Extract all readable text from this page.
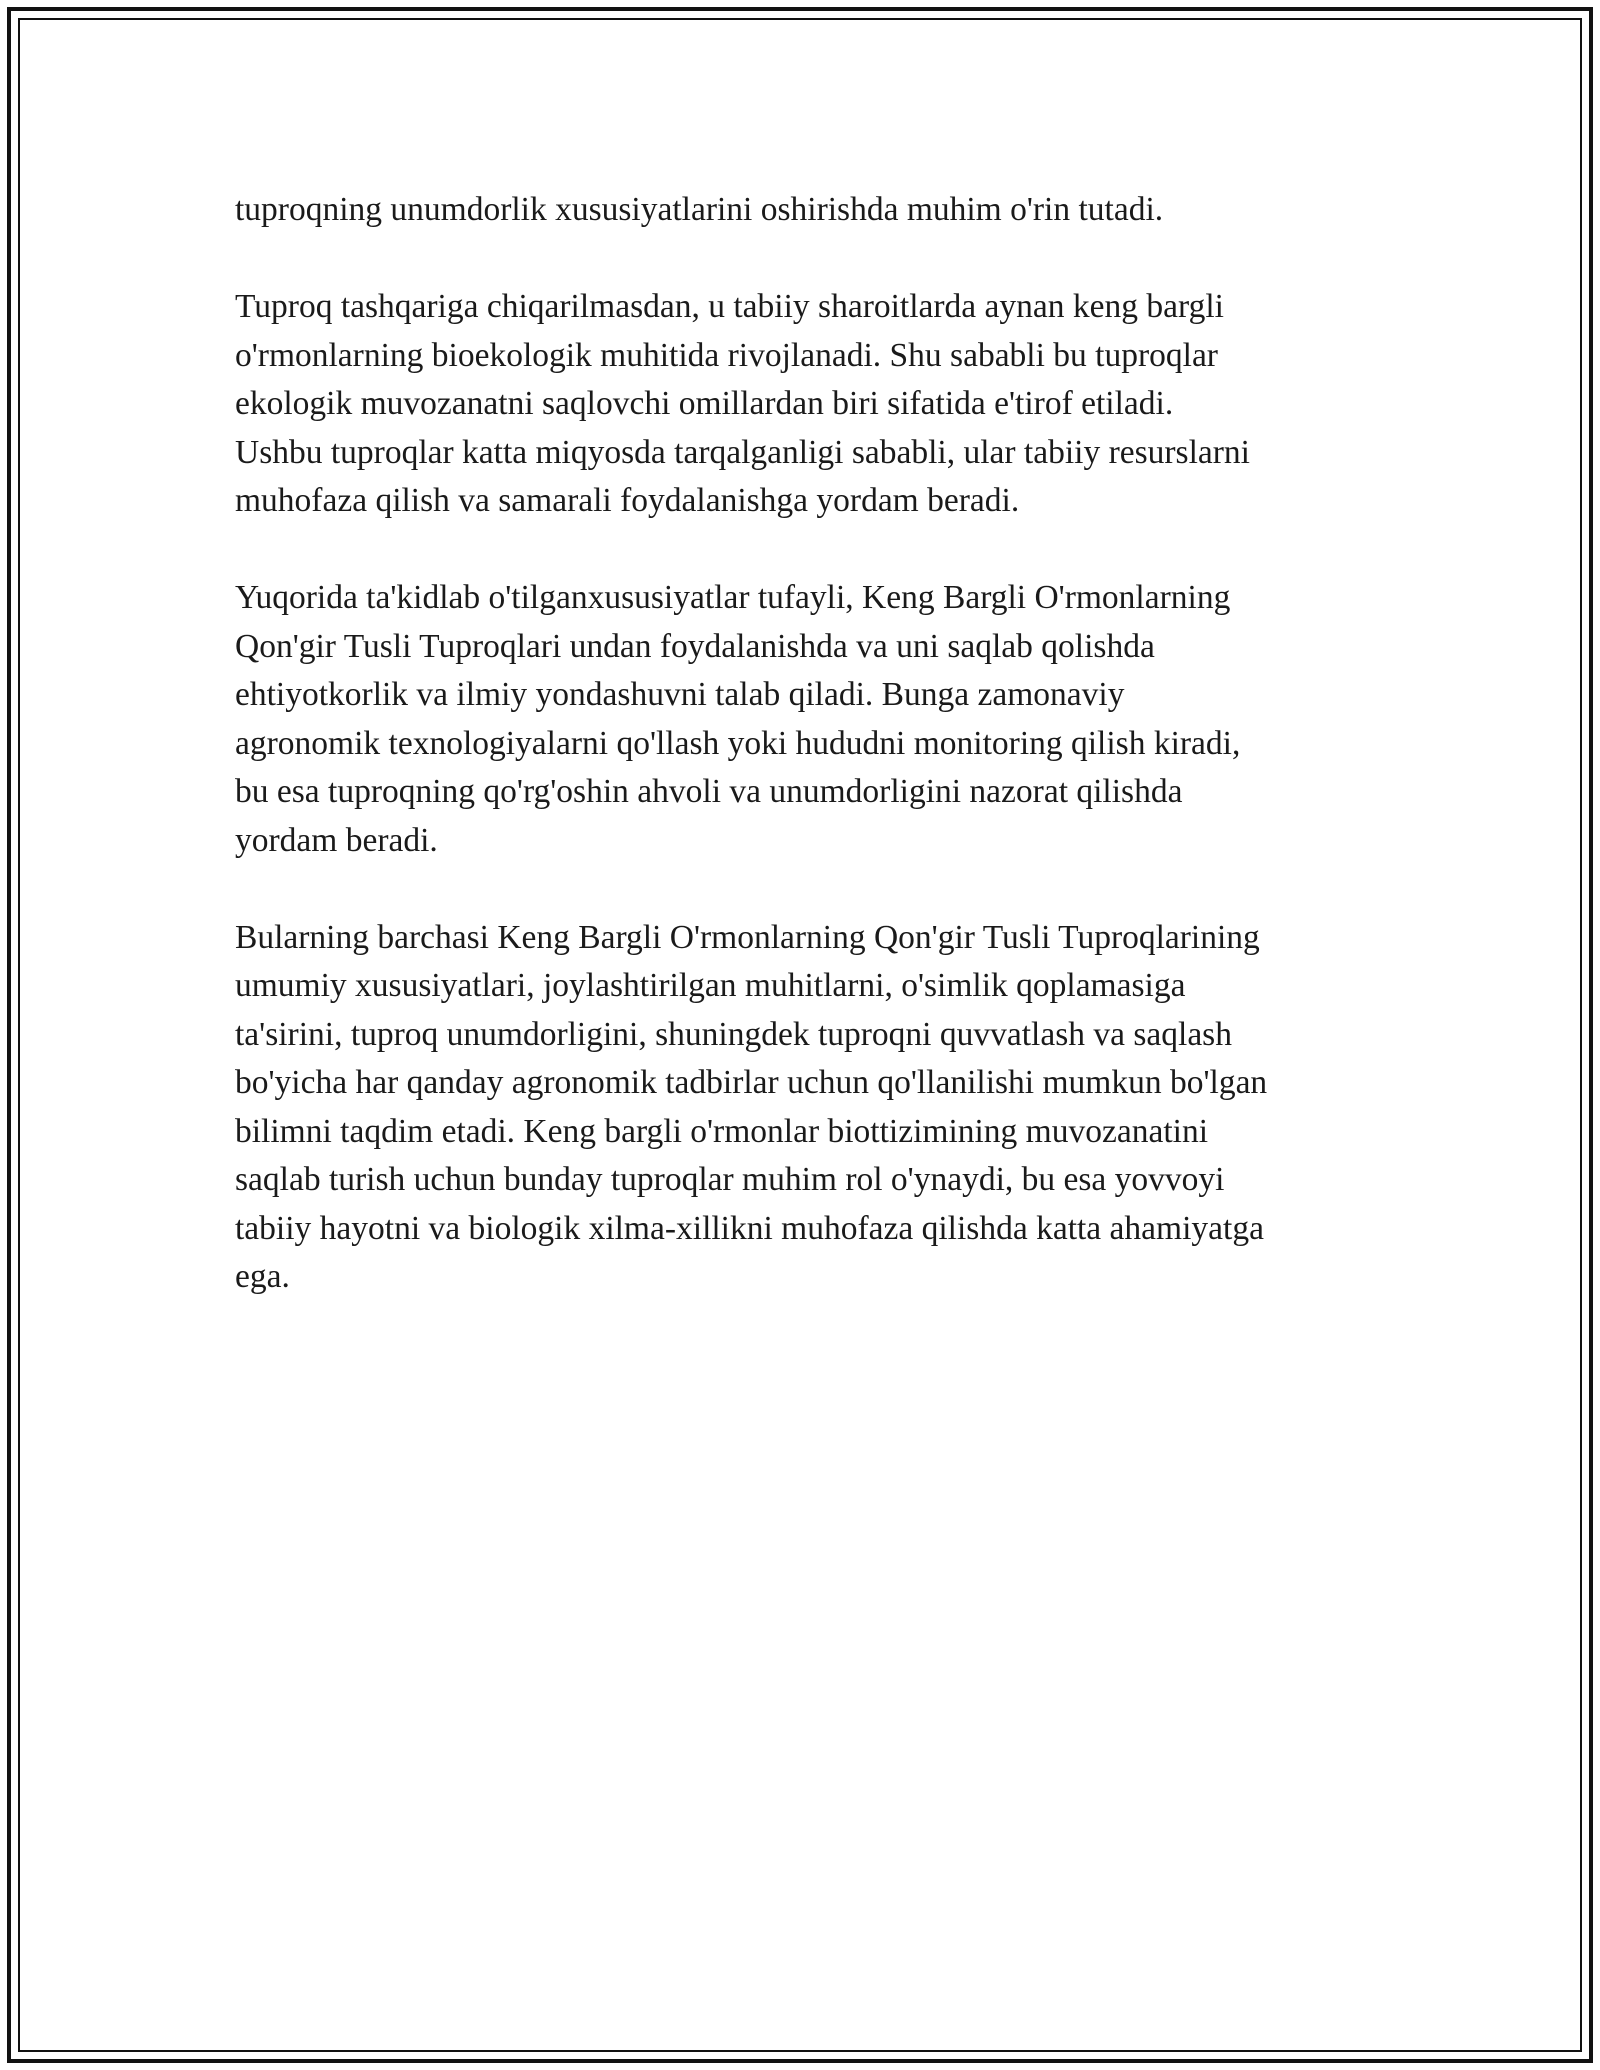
tuproqning unumdorlik xususiyatlarini oshirishda muhim o'rin tutadi.

Tuproq tashqariga chiqarilmasdan, u tabiiy sharoitlarda aynan keng bargli
o'rmonlarning bioekologik muhitida rivojlanadi. Shu sababli bu tuproqlar
ekologik muvozanatni saqlovchi omillardan biri sifatida e'tirof etiladi.
Ushbu tuproqlar katta miqyosda tarqalganligi sababli, ular tabiiy resurslarni
muhofaza qilish va samarali foydalanishga yordam beradi.

Yuqorida ta'kidlab o'tilganxususiyatlar tufayli, Keng Bargli O'rmonlarning
Qon'gir Tusli Tuproqlari undan foydalanishda va uni saqlab qolishda
ehtiyotkorlik va ilmiy yondashuvni talab qiladi. Bunga zamonaviy
agronomik texnologiyalarni qo'llash yoki hududni monitoring qilish kiradi,
bu esa tuproqning qo'rg'oshin ahvoli va unumdorligini nazorat qilishda
yordam beradi.

Bularning barchasi Keng Bargli O'rmonlarning Qon'gir Tusli Tuproqlarining
umumiy xususiyatlari, joylashtirilgan muhitlarni, o'simlik qoplamasiga
ta'sirini, tuproq unumdorligini, shuningdek tuproqni quvvatlash va saqlash
bo'yicha har qanday agronomik tadbirlar uchun qo'llanilishi mumkun bo'lgan
bilimni taqdim etadi. Keng bargli o'rmonlar biottizimining muvozanatini
saqlab turish uchun bunday tuproqlar muhim rol o'ynaydi, bu esa yovvoyi
tabiiy hayotni va biologik xilma-xillikni muhofaza qilishda katta ahamiyatga
ega.
